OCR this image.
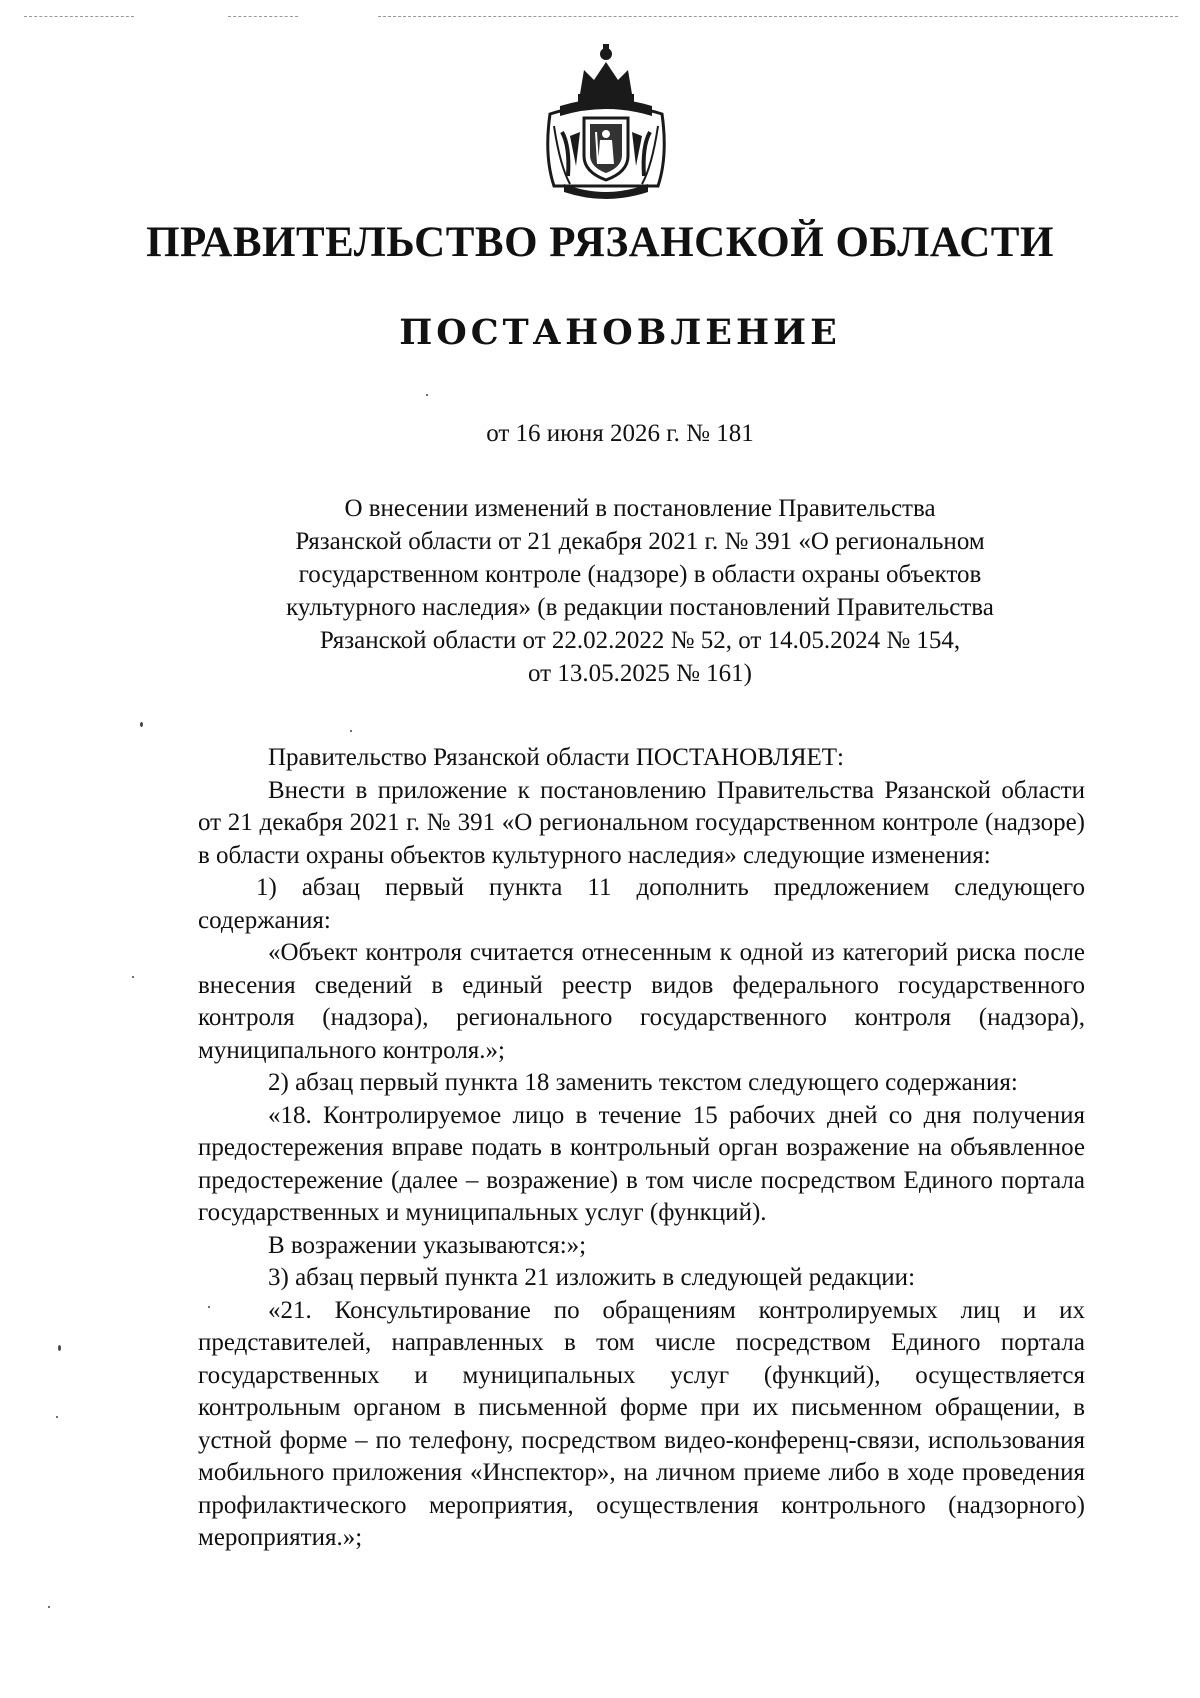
ПРАВИТЕЛЬСТВО РЯЗАНСКОЙ ОБЛАСТИ
ПОСТАНОВЛЕНИЕ
от 16 июня 2026 г. № 181
О внесении изменений в постановление Правительства
Рязанской области от 21 декабря 2021 г. № 391 «О региональном
государственном контроле (надзоре) в области охраны объектов
культурного наследия» (в редакции постановлений Правительства
Рязанской области от 22.02.2022 № 52, от 14.05.2024 № 154,
от 13.05.2025 № 161)

Правительство Рязанской области ПОСТАНОВЛЯЕТ:

Внести в приложение к постановлению Правительства Рязанской области от 21 декабря 2021 г. № 391 «О региональном государственном контроле (надзоре) в области охраны объектов культурного наследия» следующие изменения:

1) абзац первый пункта 11 дополнить предложением следующего содержания:

«Объект контроля считается отнесенным к одной из категорий риска после внесения сведений в единый реестр видов федерального государственного контроля (надзора), регионального государственного контроля (надзора), муниципального контроля.»;

2) абзац первый пункта 18 заменить текстом следующего содержания:

«18. Контролируемое лицо в течение 15 рабочих дней со дня получения предостережения вправе подать в контрольный орган возражение на объявленное предостережение (далее – возражение) в том числе посредством Единого портала государственных и муниципальных услуг (функций).

В возражении указываются:»;

3) абзац первый пункта 21 изложить в следующей редакции:

«21. Консультирование по обращениям контролируемых лиц и их представителей, направленных в том числе посредством Единого портала государственных и муниципальных услуг (функций), осуществляется контрольным органом в письменной форме при их письменном обращении, в устной форме – по телефону, посредством видео-конференц-связи, использования мобильного приложения «Инспектор», на личном приеме либо в ходе проведения профилактического мероприятия, осуществления контрольного (надзорного) мероприятия.»;
